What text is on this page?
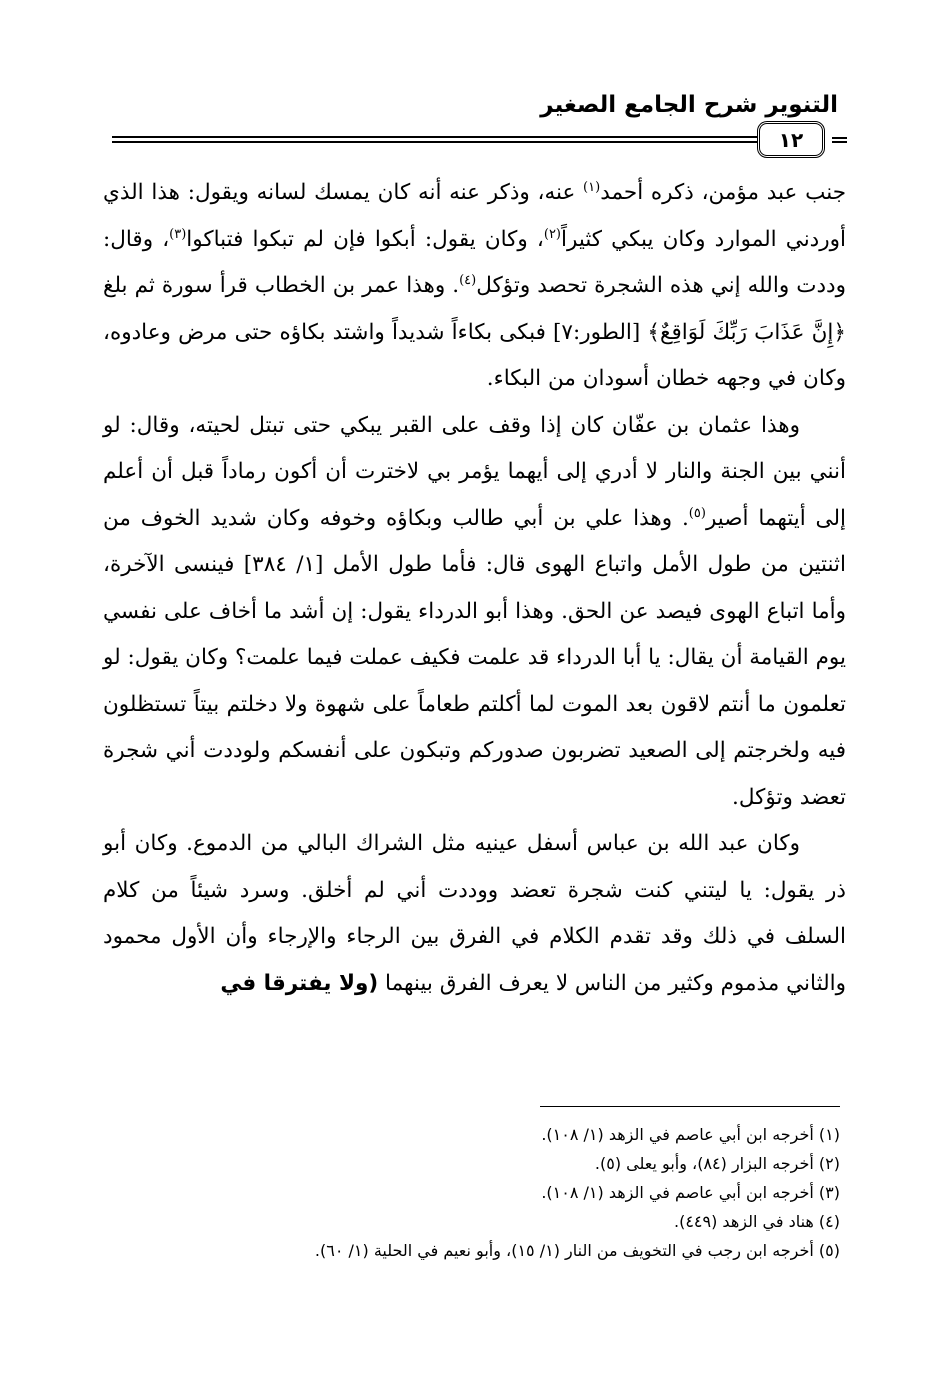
التنوير شرح الجامع الصغير
١٢

جنب عبد مؤمن، ذكره أحمد$^{(١)}$ عنه، وذكر عنه أنه كان يمسك لسانه ويقول: هذا الذي أوردني الموارد وكان يبكي كثيراً$^{(٢)}$، وكان يقول: أبكوا فإن لم تبكوا فتباكوا$^{(٣)}$، وقال: وددت والله إني هذه الشجرة تحصد وتؤكل$^{(٤)}$. وهذا عمر بن الخطاب قرأ سورة ثم بلغ ﴿إِنَّ عَذَابَ رَبِّكَ لَوَاقِعٌ﴾ [الطور:٧] فبكى بكاءاً شديداً واشتد بكاؤه حتى مرض وعادوه، وكان في وجهه خطان أسودان من البكاء.

وهذا عثمان بن عفّان كان إذا وقف على القبر يبكي حتى تبتل لحيته، وقال: لو أنني بين الجنة والنار لا أدري إلى أيهما يؤمر بي لاخترت أن أكون رماداً قبل أن أعلم إلى أيتهما أصير$^{(٥)}$. وهذا علي بن أبي طالب وبكاؤه وخوفه وكان شديد الخوف من اثنتين من طول الأمل واتباع الهوى قال: فأما طول الأمل [١/ ٣٨٤] فينسى الآخرة، وأما اتباع الهوى فيصد عن الحق. وهذا أبو الدرداء يقول: إن أشد ما أخاف على نفسي يوم القيامة أن يقال: يا أبا الدرداء قد علمت فكيف عملت فيما علمت؟ وكان يقول: لو تعلمون ما أنتم لاقون بعد الموت لما أكلتم طعاماً على شهوة ولا دخلتم بيتاً تستظلون فيه ولخرجتم إلى الصعيد تضربون صدوركم وتبكون على أنفسكم ولوددت أني شجرة تعضد وتؤكل.

وكان عبد الله بن عباس أسفل عينيه مثل الشراك البالي من الدموع. وكان أبو ذر يقول: يا ليتني كنت شجرة تعضد ووددت أني لم أخلق. وسرد شيئاً من كلام السلف في ذلك وقد تقدم الكلام في الفرق بين الرجاء والإرجاء وأن الأول محمود والثاني مذموم وكثير من الناس لا يعرف الفرق بينهما (ولا يفترقا في

(١) أخرجه ابن أبي عاصم في الزهد (١/ ١٠٨).
(٢) أخرجه البزار (٨٤)، وأبو يعلى (٥).
(٣) أخرجه ابن أبي عاصم في الزهد (١/ ١٠٨).
(٤) هناد في الزهد (٤٤٩).
(٥) أخرجه ابن رجب في التخويف من النار (١/ ١٥)، وأبو نعيم في الحلية (١/ ٦٠).
